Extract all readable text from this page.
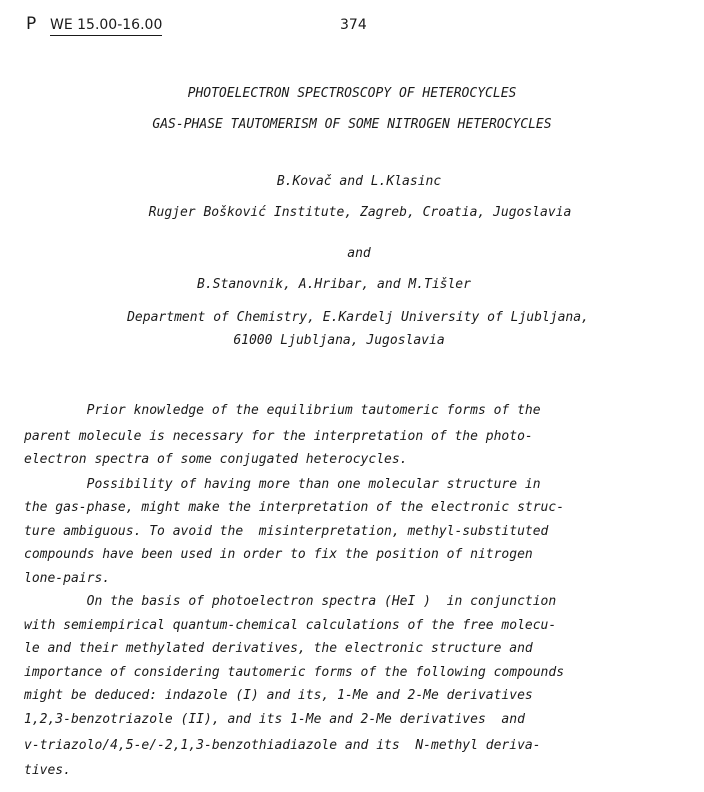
P WE 15.00-16.00	374
PHOTOELECTRON SPECTROSCOPY OF HETEROCYCLES
GAS-PHASE TAUTOMERISM OF SOME NITROGEN HETEROCYCLES
B.Kovač and L.Klasinc
Rugjer Bošković Institute, Zagreb, Croatia, Jugoslavia
and
B.Stanovnik, A.Hribar, and M.Tišler
Department of Chemistry, E.Kardelj University of Ljubljana,
61000 Ljubljana, Jugoslavia
Prior knowledge of the equilibrium tautomeric forms of the
parent molecule is necessary for the interpretation of the photo-
electron spectra of some conjugated heterocycles.
Possibility of having more than one molecular structure in
the gas-phase, might make the interpretation of the electronic struc-
ture ambiguous. To avoid the  misinterpretation, methyl-substituted
compounds have been used in order to fix the position of nitrogen
lone-pairs.
On the basis of photoelectron spectra (HeI )  in conjunction
with semiempirical quantum-chemical calculations of the free molecu-
le and their methylated derivatives, the electronic structure and
importance of considering tautomeric forms of the following compounds
might be deduced: indazole (I) and its, 1-Me and 2-Me derivatives
1,2,3-benzotriazole (II), and its 1-Me and 2-Me derivatives  and
v-triazolo/4,5-e/-2,1,3-benzothiadiazole and its  N-methyl deriva-
tives.
